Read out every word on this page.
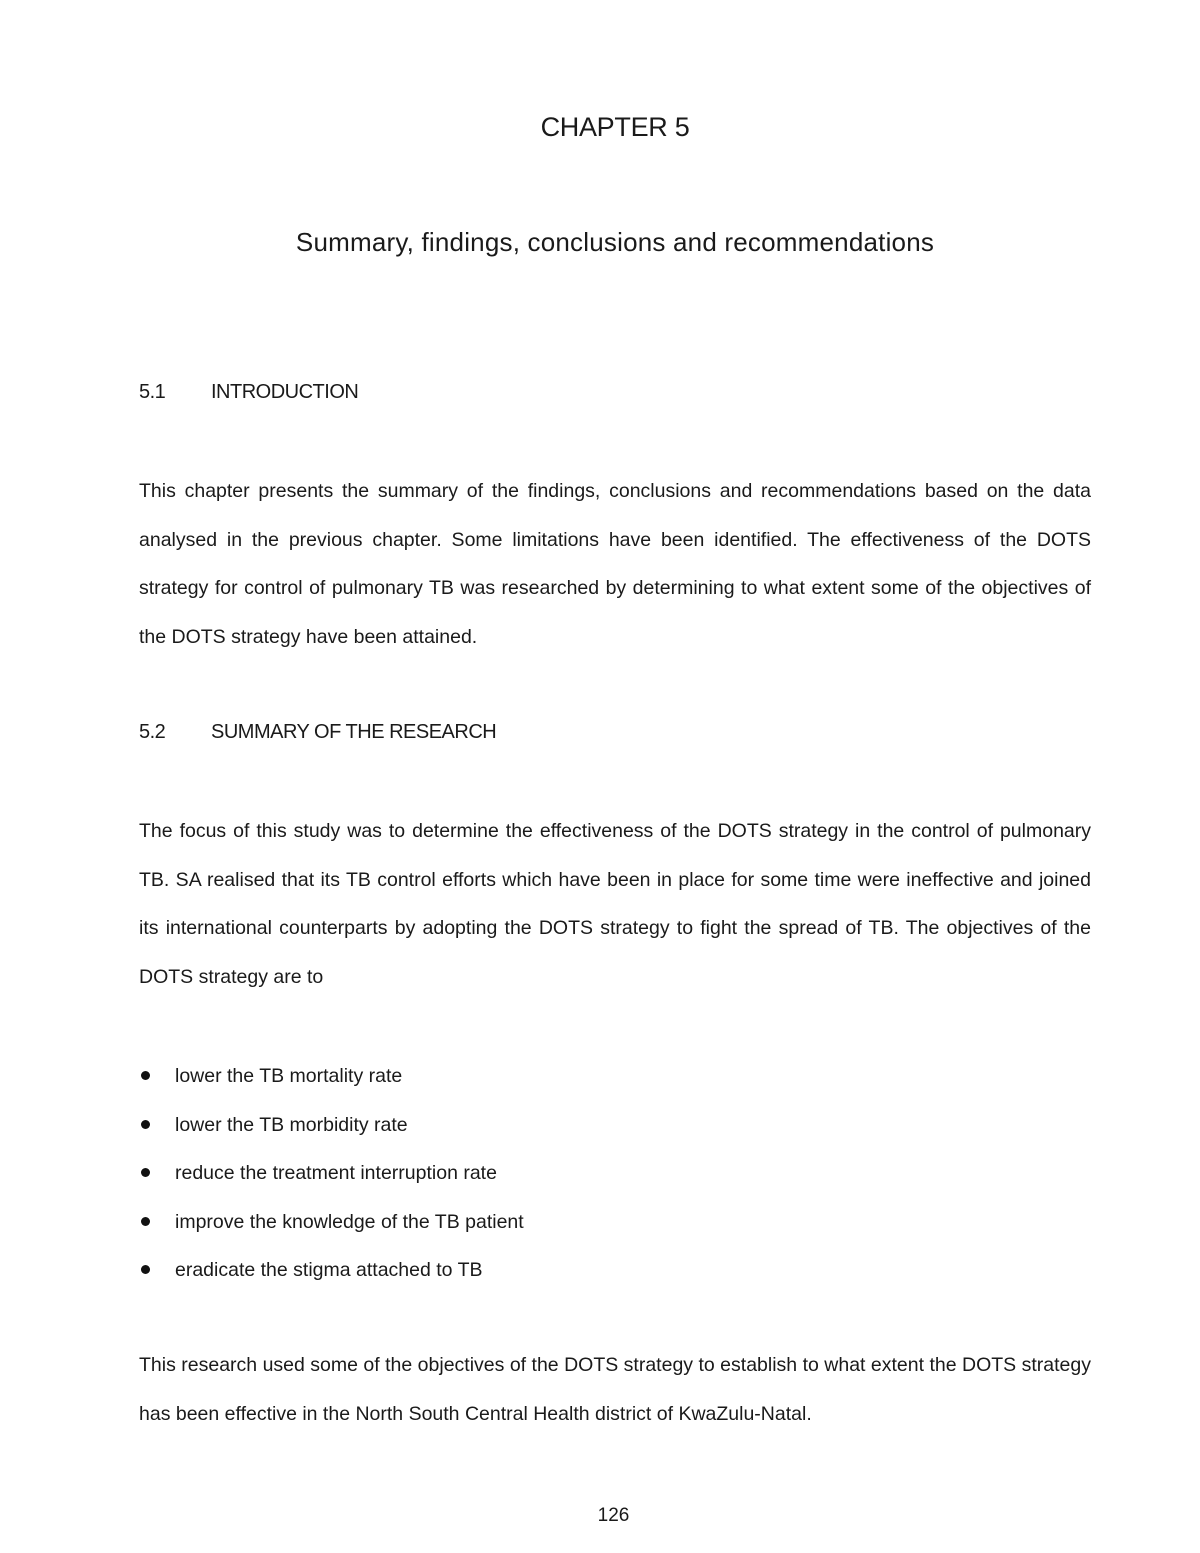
CHAPTER 5
Summary, findings, conclusions and recommendations
5.1 INTRODUCTION
This chapter presents the summary of the findings, conclusions and recommendations based on the data analysed in the previous chapter. Some limitations have been identified. The effectiveness of the DOTS strategy for control of pulmonary TB was researched by determining to what extent some of the objectives of the DOTS strategy have been attained.
5.2 SUMMARY OF THE RESEARCH
The focus of this study was to determine the effectiveness of the DOTS strategy in the control of pulmonary TB. SA realised that its TB control efforts which have been in place for some time were ineffective and joined its international counterparts by adopting the DOTS strategy to fight the spread of TB. The objectives of the DOTS strategy are to
lower the TB mortality rate
lower the TB morbidity rate
reduce the treatment interruption rate
improve the knowledge of the TB patient
eradicate the stigma attached to TB
This research used some of the objectives of the DOTS strategy to establish to what extent the DOTS strategy has been effective in the North South Central Health district of KwaZulu-Natal.
126
